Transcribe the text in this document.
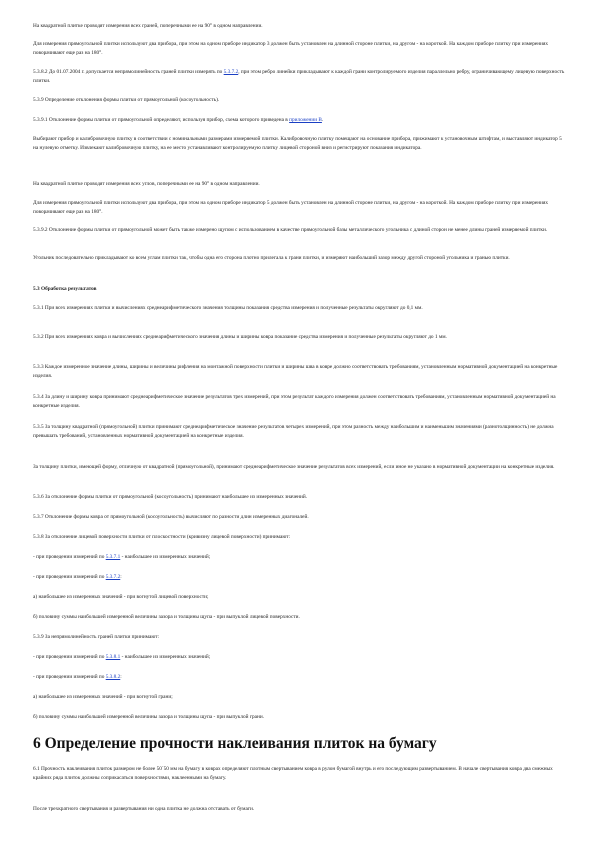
На квадратной плитке проводят измерения всех граней, поперечными ее на 90° в одном направлении.

Для измерения прямоугольной плитки используют два прибора, при этом на одном приборе индикатор 3 должен быть установлен на длинной стороне плитки, на другом - на короткой. На каждом приборе плитку при измерениях поворачивают еще раз на 180°.

5.3.8.2 До 01.07.2004 г. допускается непрямолинейность граней плитки измерять по 5.3.7.2, при этом ребро линейки прикладывают к каждой грани контролируемого изделия параллельно ребру, ограничивающему лицевую поверхность плитки.

5.3.9 Определение отклонения формы плитки от прямоугольной (косоугольность).

5.3.9.1 Отклонение формы плитки от прямоугольной определяют, используя прибор, схема которого приведена в приложении В.

Выбирают прибор и калибровочную плитку в соответствии с номинальными размерами измеряемой плитки. Калибровочную плитку помещают на основание прибора, прижимают к установочным штифтам, и выставляют индикатор 5 на нулевую отметку. Извлекают калибровочную плитку, на ее место устанавливают контролируемую плитку лицевой стороной вниз и регистрируют показания индикатора.

На квадратной плитке проводят измерения всех углов, поперечными ее на 90° в одном направлении.

Для измерения прямоугольной плитки используют два прибора, при этом на одном приборе индикатор 5 должен быть установлен на длинной стороне плитки, на другом - на короткой. На каждом приборе плитку при измерениях поворачивают еще раз на 180°.

5.3.9.2 Отклонение формы плитки от прямоугольной может быть также измерено щупом с использованием в качестве прямоугольной базы металлического угольника с длиной сторон не менее длины граней измеряемой плитки.

Угольник последовательно прикладывают ко всем углам плитки так, чтобы одна его сторона плотно прилегала к грани плитки, и измеряют наибольший зазор между другой стороной угольника и гранью плитки.

5.3 Обработка результатов

5.3.1 При всех измерениях плитки и вычислениях среднеарифметического значения толщины показания средства измерения и полученные результаты округляют до 0,1 мм.

5.3.2 При всех измерениях ковра и вычислениях среднеарифметического значения длины и ширины ковра показание средства измерения и полученные результаты округляют до 1 мм.

5.3.3 Каждое измеренное значение длины, ширины и величины рифления на монтажной поверхности плитки и ширины шва в ковре должно соответствовать требованиям, установленным нормативной документацией на конкретные изделия.

5.3.4 За длину и ширину ковра принимают среднеарифметическое значение результатов трех измерений, при этом результат каждого измерения должен соответствовать требованиям, установленным нормативной документацией на конкретные изделия.

5.3.5 За толщину квадратной (прямоугольной) плитки принимают среднеарифметическое значение результатов четырех измерений, при этом разность между наибольшим и наименьшим значениями (разнотолщинность) не должна превышать требований, установленных нормативной документацией на конкретные изделия.

За толщину плитки, имеющей форму, отличную от квадратной (прямоугольной), принимают среднеарифметическое значение результатов всех измерений, если иное не указано в нормативной документации на конкретные изделия.

5.3.6 За отклонение формы плитки от прямоугольной (косоугольность) принимают наибольшее из измеренных значений.

5.3.7 Отклонение формы ковра от прямоугольной (косоугольность) вычисляют по разности длин измеренных диагоналей.

5.3.8 За отклонение лицевой поверхности плитки от плоскостности (кривизну лицевой поверхности) принимают:

- при проведении измерений по 5.3.7.1 - наибольшее из измеренных значений;

- при проведении измерений по 5.3.7.2:

а) наибольшее из измеренных значений - при вогнутой лицевой поверхности;

б) половину суммы наибольшей измеренной величины зазора и толщины щупа - при выпуклой лицевой поверхности.

5.3.9 За непрямолинейность граней плитки принимают:

- при проведении измерений по 5.3.8.1 - наибольшее из измеренных значений;

- при проведении измерений по 5.3.8.2:

а) наибольшее из измеренных значений - при вогнутой грани;

б) половину суммы наибольшей измеренной величины зазора и толщины щупа - при выпуклой грани.

6 Определение прочности наклеивания плиток на бумагу

6.1 Прочность наклеивания плиток размером не более 50´50 мм на бумагу в коврах определяют плотным свертыванием ковра в рулон бумагой внутрь и его последующим развертыванием. В начале свертывания ковра два смежных крайних ряда плиток должны соприкасаться поверхностями, наклеенными на бумагу.

После трехкратного свертывания и развертывания ни одна плитка не должна отставать от бумаги.
